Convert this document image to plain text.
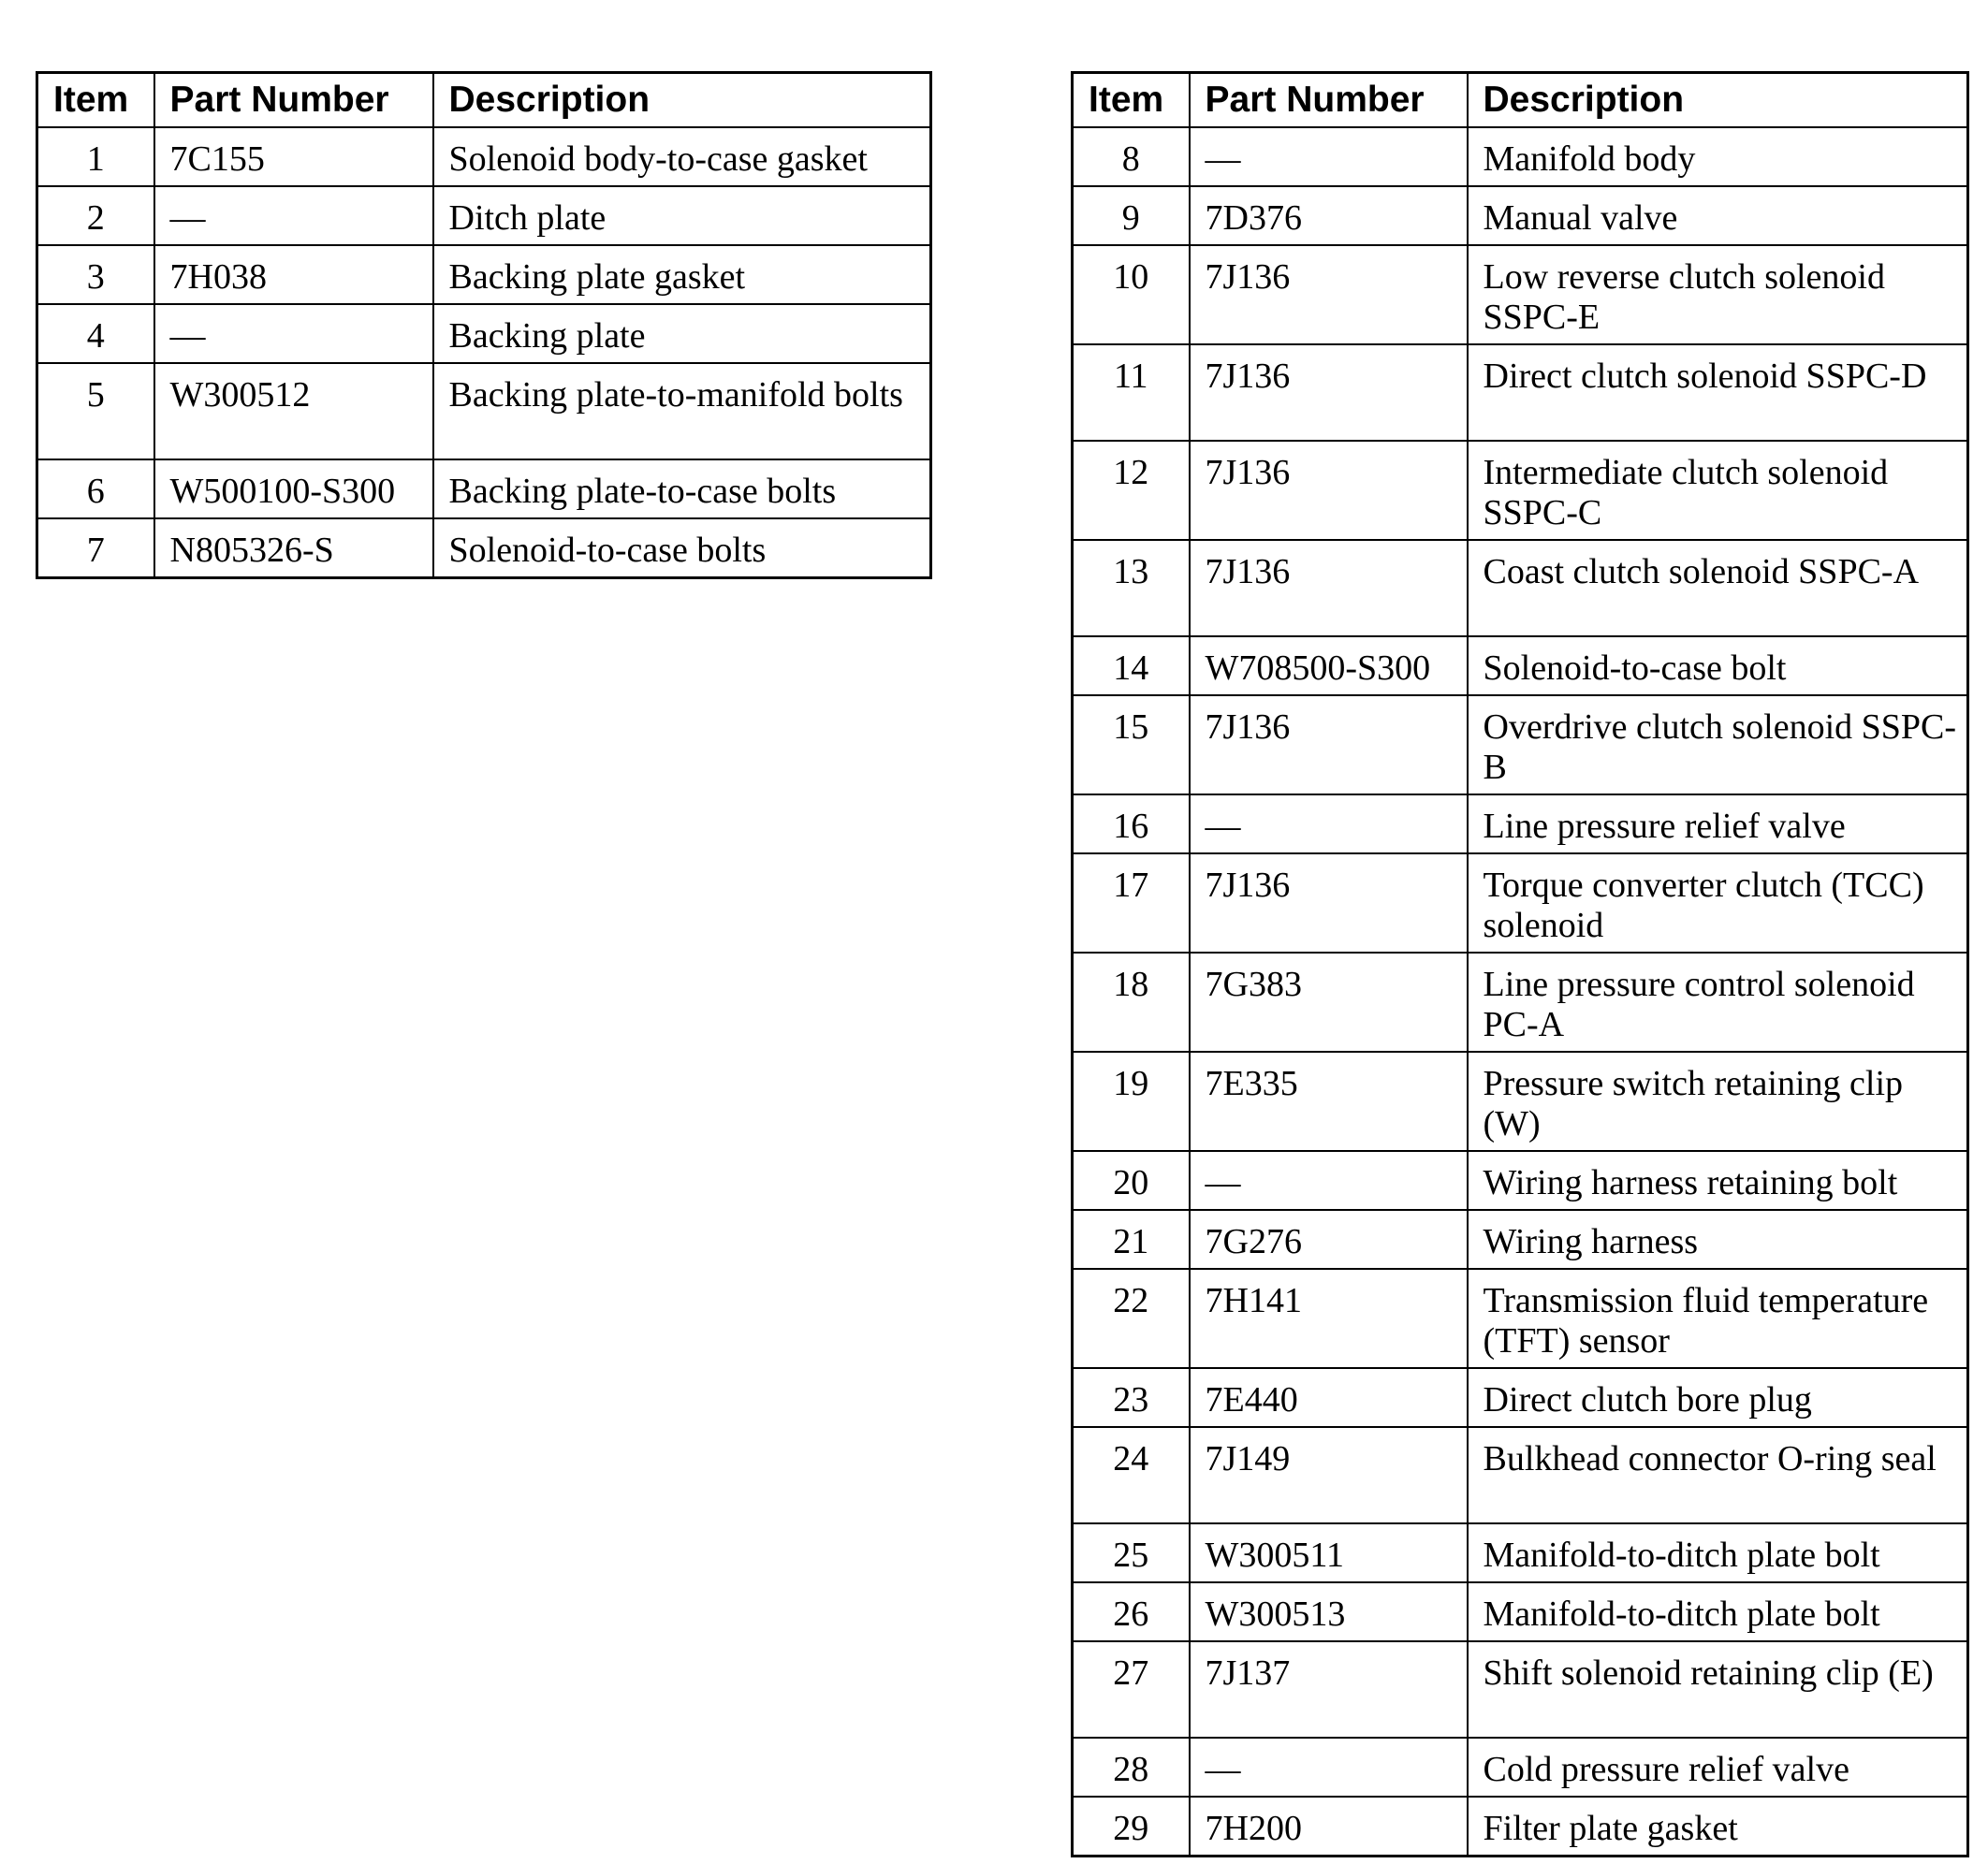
Item	Part Number	Description
1	7C155	Solenoid body-to-case gasket
2	—	Ditch plate
3	7H038	Backing plate gasket
4	—	Backing plate
5	W300512	Backing plate-to-manifold bolts
6	W500100-S300	Backing plate-to-case bolts
7	N805326-S	Solenoid-to-case bolts
Item	Part Number	Description
8	—	Manifold body
9	7D376	Manual valve
10	7J136	Low reverse clutch solenoid SSPC-E
11	7J136	Direct clutch solenoid SSPC-D
12	7J136	Intermediate clutch solenoid SSPC-C
13	7J136	Coast clutch solenoid SSPC-A
14	W708500-S300	Solenoid-to-case bolt
15	7J136	Overdrive clutch solenoid SSPC-B
16	—	Line pressure relief valve
17	7J136	Torque converter clutch (TCC) solenoid
18	7G383	Line pressure control solenoid PC-A
19	7E335	Pressure switch retaining clip (W)
20	—	Wiring harness retaining bolt
21	7G276	Wiring harness
22	7H141	Transmission fluid temperature (TFT) sensor
23	7E440	Direct clutch bore plug
24	7J149	Bulkhead connector O-ring seal
25	W300511	Manifold-to-ditch plate bolt
26	W300513	Manifold-to-ditch plate bolt
27	7J137	Shift solenoid retaining clip (E)
28	—	Cold pressure relief valve
29	7H200	Filter plate gasket
